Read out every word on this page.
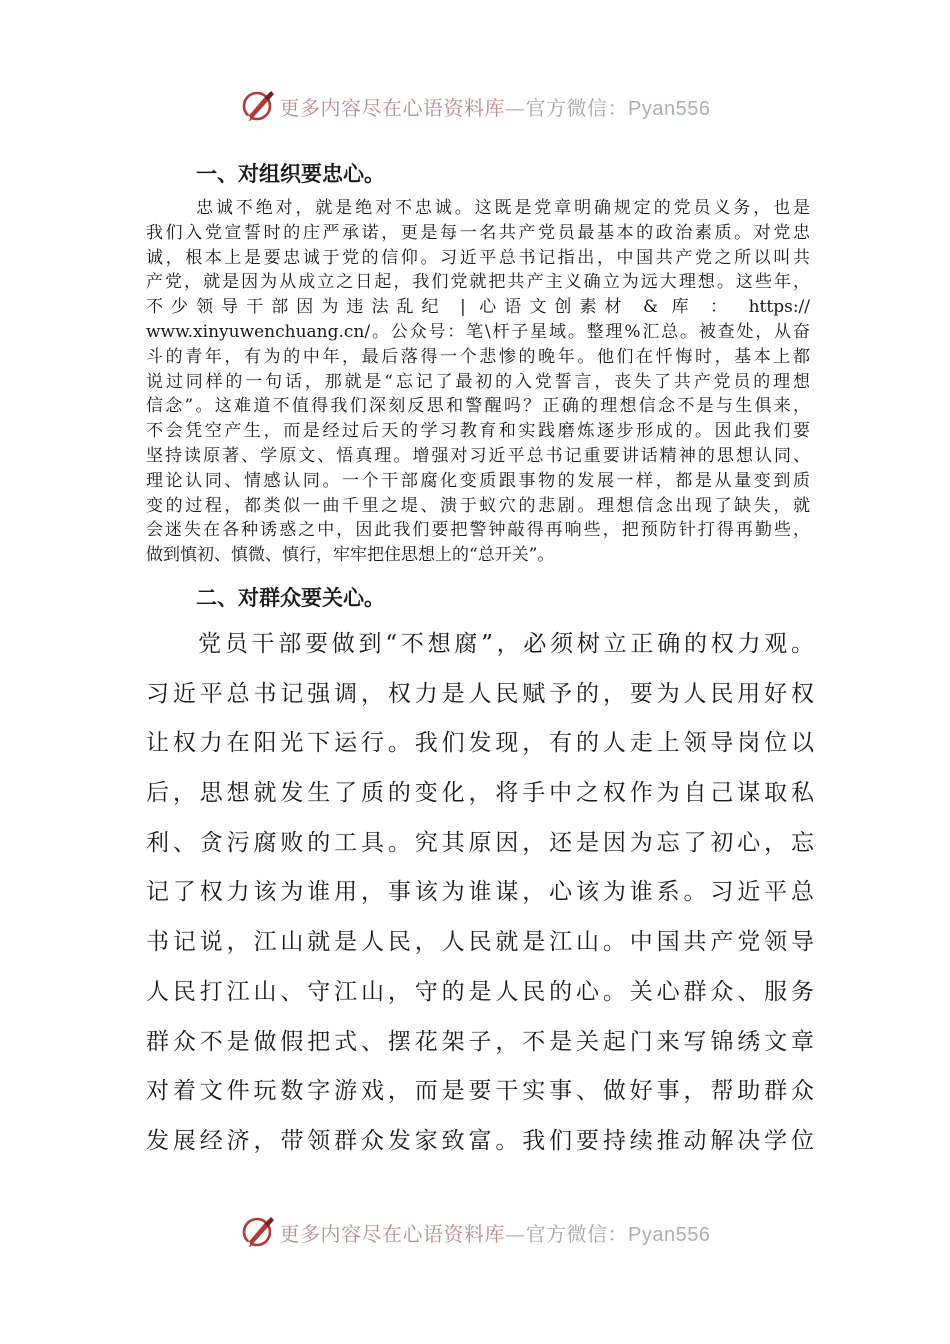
更多内容尽在心语资料库—官方微信：Pyan556
一、对组织要忠心。
忠诚不绝对，就是绝对不忠诚。这既是党章明确规定的党员义务，也是
我们入党宣誓时的庄严承诺，更是每一名共产党员最基本的政治素质。对党忠
诚，根本上是要忠诚于党的信仰。习近平总书记指出，中国共产党之所以叫共
产党，就是因为从成立之日起，我们党就把共产主义确立为远大理想。这些年，
不少领导干部因为违法乱纪 | 心语文创素材 & 库 ： https://
www.xinyuwenchuang.cn/。公众号：笔\杆子星域。整理%汇总。被查处，从奋
斗的青年，有为的中年，最后落得一个悲惨的晚年。他们在忏悔时，基本上都
说过同样的一句话，那就是“忘记了最初的入党誓言，丧失了共产党员的理想
信念”。这难道不值得我们深刻反思和警醒吗？正确的理想信念不是与生俱来，
不会凭空产生，而是经过后天的学习教育和实践磨炼逐步形成的。因此我们要
坚持读原著、学原文、悟真理。增强对习近平总书记重要讲话精神的思想认同、
理论认同、情感认同。一个干部腐化变质跟事物的发展一样，都是从量变到质
变的过程，都类似一曲千里之堤、溃于蚁穴的悲剧。理想信念出现了缺失，就
会迷失在各种诱惑之中，因此我们要把警钟敲得再响些，把预防针打得再勤些，
做到慎初、慎微、慎行，牢牢把住思想上的“总开关”。
二、对群众要关心。
党员干部要做到“不想腐”，必须树立正确的权力观。
习近平总书记强调，权力是人民赋予的，要为人民用好权
让权力在阳光下运行。我们发现，有的人走上领导岗位以
后，思想就发生了质的变化，将手中之权作为自己谋取私
利、贪污腐败的工具。究其原因，还是因为忘了初心，忘
记了权力该为谁用，事该为谁谋，心该为谁系。习近平总
书记说，江山就是人民，人民就是江山。中国共产党领导
人民打江山、守江山，守的是人民的心。关心群众、服务
群众不是做假把式、摆花架子，不是关起门来写锦绣文章
对着文件玩数字游戏，而是要干实事、做好事，帮助群众
发展经济，带领群众发家致富。我们要持续推动解决学位
更多内容尽在心语资料库—官方微信：Pyan556
